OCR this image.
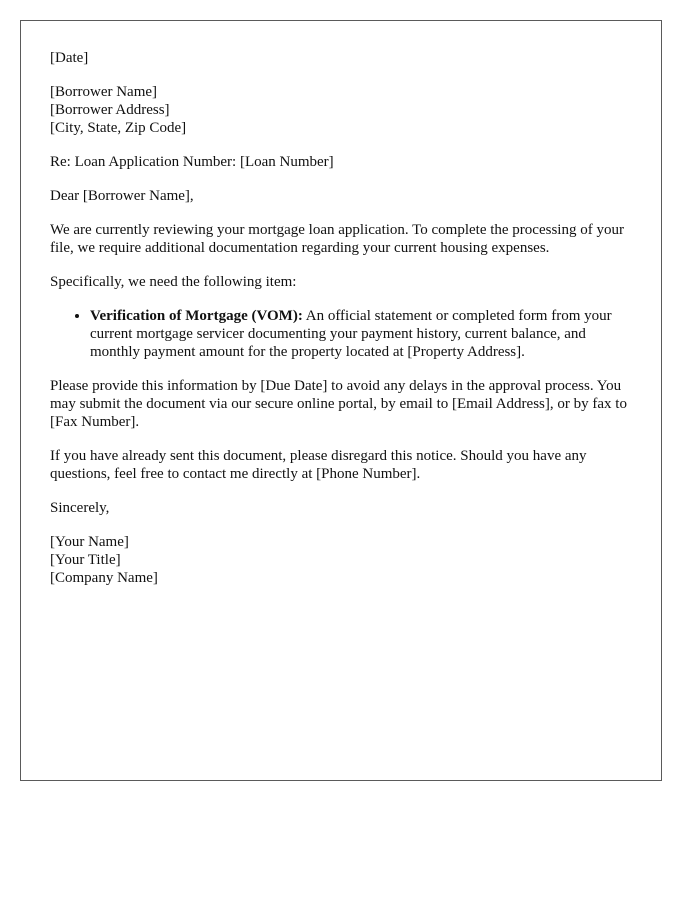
[Date]
[Borrower Name]
[Borrower Address]
[City, State, Zip Code]

Re: Loan Application Number: [Loan Number]

Dear [Borrower Name],

We are currently reviewing your mortgage loan application. To complete the processing of your file, we require additional documentation regarding your current housing expenses.

Specifically, we need the following item:

• Verification of Mortgage (VOM): An official statement or completed form from your current mortgage servicer documenting your payment history, current balance, and monthly payment amount for the property located at [Property Address].

Please provide this information by [Due Date] to avoid any delays in the approval process. You may submit the document via our secure online portal, by email to [Email Address], or by fax to [Fax Number].

If you have already sent this document, please disregard this notice. Should you have any questions, feel free to contact me directly at [Phone Number].

Sincerely,

[Your Name]
[Your Title]
[Company Name]
